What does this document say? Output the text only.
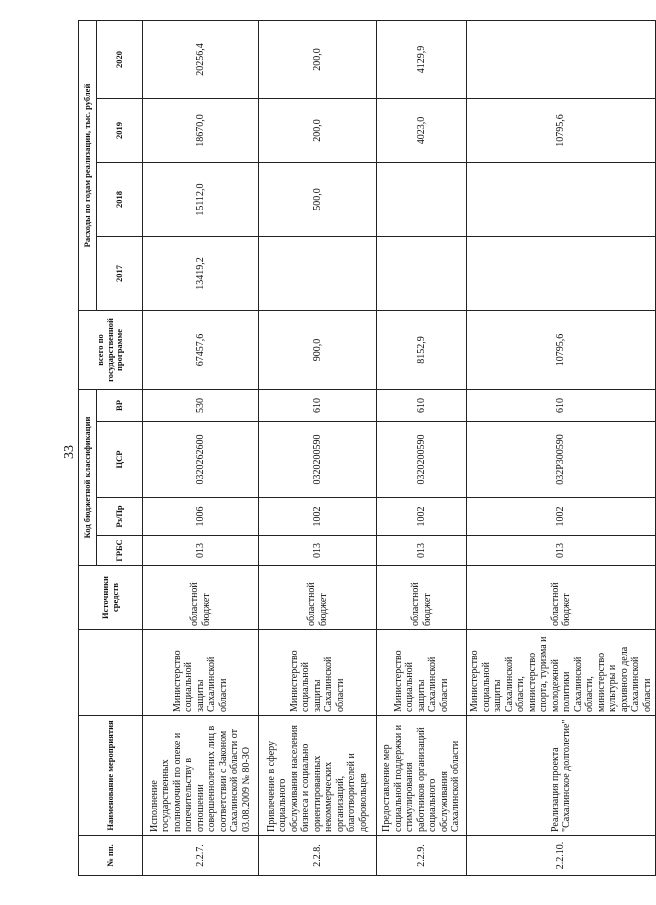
33
№ пп.	Наименование мероприятия		Источники средств	Код бюджетной классификации				всего по государственной программе	Расходы по годам реализации, тыс. рублей			
				ГРБС	Рз/Пр	ЦСР	ВР		2017	2018	2019	2020
2.2.7.	Исполнение государственных полномочий по опеке и попечительству в отношении совершеннолетних лиц в соответствии с Законом Сахалинской области от 03.08.2009 № 80-ЗО	Министерство социальной защиты Сахалинской области	областной бюджет	013	1006	0320262600	530	67457,6	13419,2	15112,0	18670,0	20256,4
2.2.8.	Привлечение в сферу социального обслуживания населения бизнеса и социально ориентированных некоммерческих организаций, благотворителей и добровольцев	Министерство социальной защиты Сахалинской области	областной бюджет	013	1002	0320200590	610	900,0		500,0	200,0	200,0
2.2.9.	Предоставление мер социальной поддержки и стимулирования работников организаций социального обслуживания Сахалинской области	Министерство социальной защиты Сахалинской области	областной бюджет	013	1002	0320200590	610	8152,9			4023,0	4129,9
2.2.10.	Реализация проекта "Сахалинское долголетие"	Министерство социальной защиты Сахалинской области, министерство спорта, туризма и молодежной политики Сахалинской области, министерство культуры и архивного дела Сахалинской области	областной бюджет	013	1002	032P300590	610	10795,6			10795,6	
